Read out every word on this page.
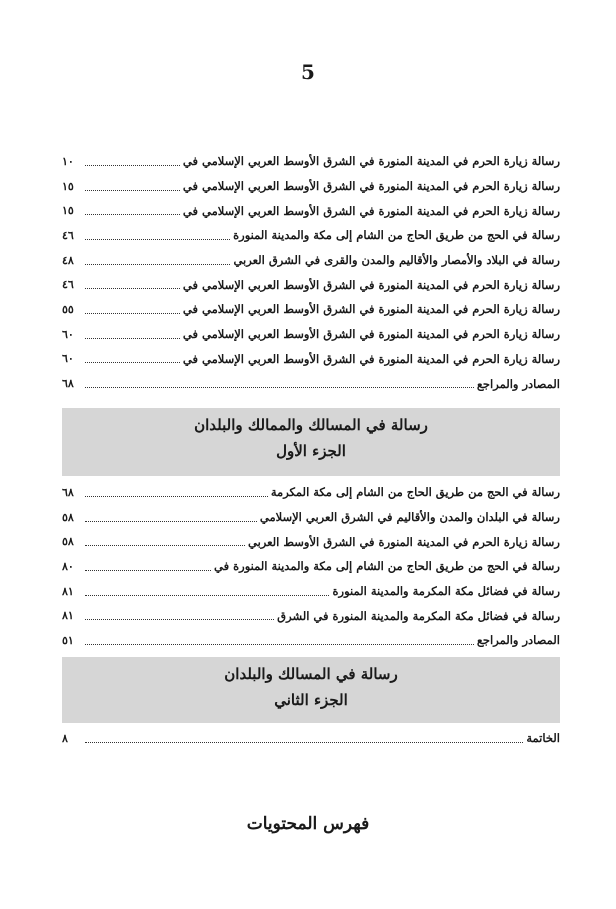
5
رسالة زيارة الحرم في المدينة المنورة في الشرق الأوسط العربي الإسلامي في
١٠
رسالة زيارة الحرم في المدينة المنورة في الشرق الأوسط العربي الإسلامي في
١٥
رسالة زيارة الحرم في المدينة المنورة في الشرق الأوسط العربي الإسلامي في
١٥
رسالة في الحج من طريق الحاج من الشام إلى مكة والمدينة المنورة
٤٦
رسالة في البلاد والأمصار والأقاليم والمدن والقرى في الشرق العربي
٤٨
رسالة زيارة الحرم في المدينة المنورة في الشرق الأوسط العربي الإسلامي في
٤٦
رسالة زيارة الحرم في المدينة المنورة في الشرق الأوسط العربي الإسلامي في
٥٥
رسالة زيارة الحرم في المدينة المنورة في الشرق الأوسط العربي الإسلامي في
٦٠
رسالة زيارة الحرم في المدينة المنورة في الشرق الأوسط العربي الإسلامي في
٦٠
المصادر والمراجع
٦٨
رسالة في المسالك والممالك والبلدان
الجزء الأول
رسالة في الحج من طريق الحاج من الشام إلى مكة المكرمة
٦٨
رسالة في البلدان والمدن والأقاليم في الشرق العربي الإسلامي
٥٨
رسالة زيارة الحرم في المدينة المنورة في الشرق الأوسط العربي
٥٨
رسالة في الحج من طريق الحاج من الشام إلى مكة والمدينة المنورة في
٨٠
رسالة في فضائل مكة المكرمة والمدينة المنورة
٨١
رسالة في فضائل مكة المكرمة والمدينة المنورة في الشرق
٨١
المصادر والمراجع
٥١
رسالة في المسالك والبلدان
الجزء الثاني
الخاتمة
٨
فهرس المحتويات
